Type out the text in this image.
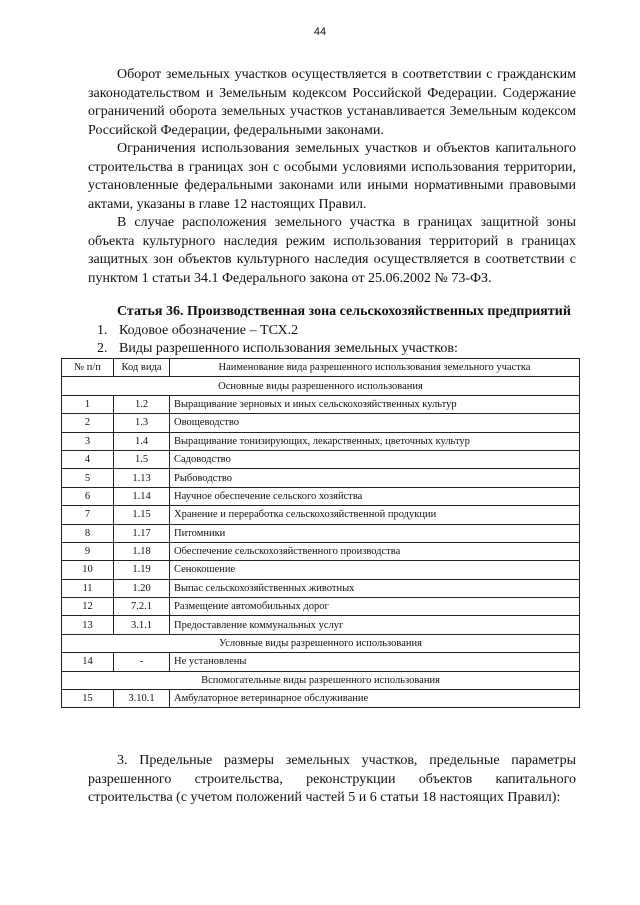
44

Оборот земельных участков осуществляется в соответствии с гражданским законодательством и Земельным кодексом Российской Федерации. Содержание ограничений оборота земельных участков устанавливается Земельным кодексом Российской Федерации, федеральными законами.

Ограничения использования земельных участков и объектов капитального строительства в границах зон с особыми условиями использования территории, установленные федеральными законами или иными нормативными правовыми актами, указаны в главе 12 настоящих Правил.

В случае расположения земельного участка в границах защитной зоны объекта культурного наследия режим использования территорий в границах защитных зон объектов культурного наследия осуществляется в соответствии с пунктом 1 статьи 34.1 Федерального закона от 25.06.2002 № 73-ФЗ.

Статья 36. Производственная зона сельскохозяйственных предприятий

1. Кодовое обозначение – ТСХ.2

2. Виды разрешенного использования земельных участков:

№ п/п	Код вида	Наименование вида разрешенного использования земельного участка
Основные виды разрешенного использования		
1	1.2	Выращивание зерновых и иных сельскохозяйственных культур
2	1.3	Овощеводство
3	1.4	Выращивание тонизирующих, лекарственных, цветочных культур
4	1.5	Садоводство
5	1.13	Рыбоводство
6	1.14	Научное обеспечение сельского хозяйства
7	1.15	Хранение и переработка сельскохозяйственной продукции
8	1.17	Питомники
9	1.18	Обеспечение сельскохозяйственного производства
10	1.19	Сенокошение
11	1.20	Выпас сельскохозяйственных животных
12	7.2.1	Размещение автомобильных дорог
13	3.1.1	Предоставление коммунальных услуг
Условные виды разрешенного использования		
14	-	Не установлены
Вспомогательные виды разрешенного использования		
15	3.10.1	Амбулаторное ветеринарное обслуживание

3. Предельные размеры земельных участков, предельные параметры разрешенного строительства, реконструкции объектов капитального строительства (с учетом положений частей 5 и 6 статьи 18 настоящих Правил):
